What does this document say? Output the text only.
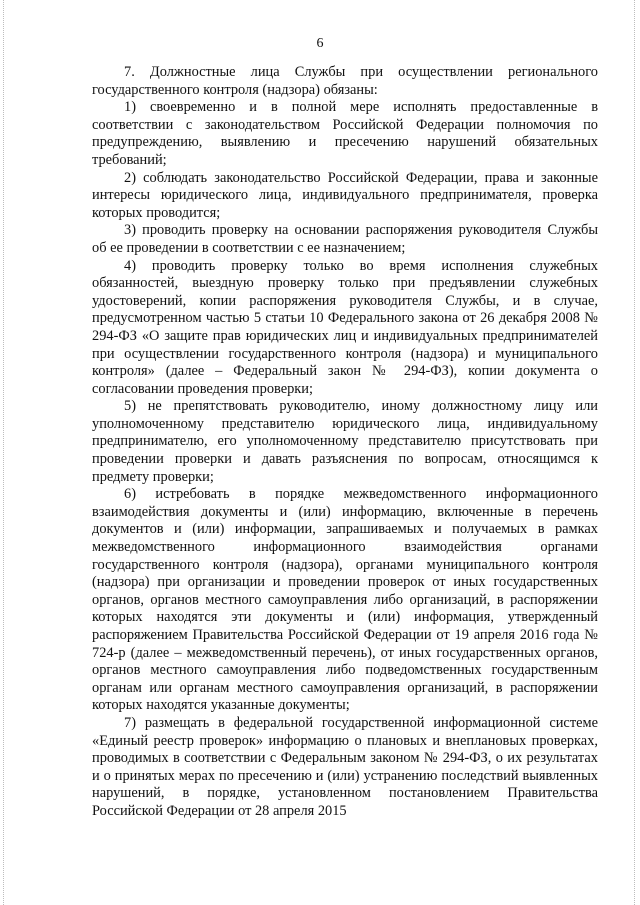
6

7. Должностные лица Службы при осуществлении регионального государственного контроля (надзора) обязаны:

1) своевременно и в полной мере исполнять предоставленные в соответствии с законодательством Российской Федерации полномочия по предупреждению, выявлению и пресечению нарушений обязательных требований;

2) соблюдать законодательство Российской Федерации, права и законные интересы юридического лица, индивидуального предпринимателя, проверка которых проводится;

3) проводить проверку на основании распоряжения руководителя Службы об ее проведении в соответствии с ее назначением;

4) проводить проверку только во время исполнения служебных обязанностей, выездную проверку только при предъявлении служебных удостоверений, копии распоряжения руководителя Службы, и в случае, предусмотренном частью 5 статьи 10 Федерального закона от 26 декабря 2008 № 294-ФЗ «О защите прав юридических лиц и индивидуальных предпринимателей при осуществлении государственного контроля (надзора) и муниципального контроля» (далее – Федеральный закон № 294-ФЗ), копии документа о согласовании проведения проверки;

5) не препятствовать руководителю, иному должностному лицу или уполномоченному представителю юридического лица, индивидуальному предпринимателю, его уполномоченному представителю присутствовать при проведении проверки и давать разъяснения по вопросам, относящимся к предмету проверки;

6) истребовать в порядке межведомственного информационного взаимодействия документы и (или) информацию, включенные в перечень документов и (или) информации, запрашиваемых и получаемых в рамках межведомственного информационного взаимодействия органами государственного контроля (надзора), органами муниципального контроля (надзора) при организации и проведении проверок от иных государственных органов, органов местного самоуправления либо организаций, в распоряжении которых находятся эти документы и (или) информация, утвержденный распоряжением Правительства Российской Федерации от 19 апреля 2016 года № 724-р (далее – межведомственный перечень), от иных государственных органов, органов местного самоуправления либо подведомственных государственным органам или органам местного самоуправления организаций, в распоряжении которых находятся указанные документы;

7) размещать в федеральной государственной информационной системе «Единый реестр проверок» информацию о плановых и внеплановых проверках, проводимых в соответствии с Федеральным законом № 294-ФЗ, о их результатах и о принятых мерах по пресечению и (или) устранению последствий выявленных нарушений, в порядке, установленном постановлением Правительства Российской Федерации от 28 апреля 2015
